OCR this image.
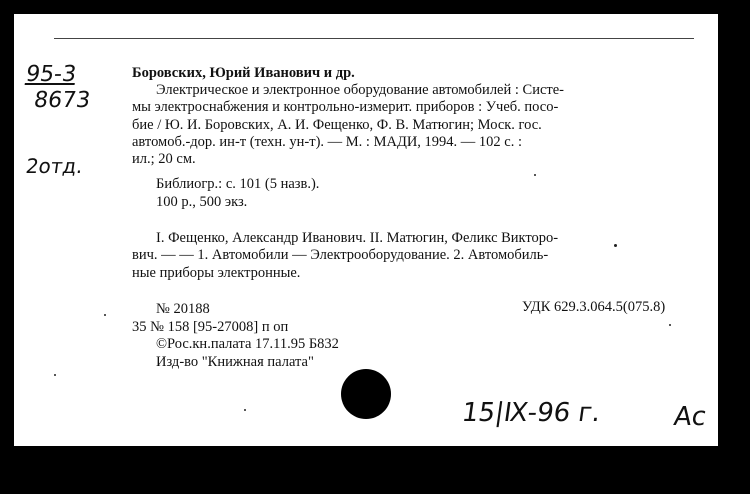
95-3
8673
2отд.
Боровских, Юрий Иванович и др.
Электрическое и электронное оборудование автомобилей : Систе-
мы электроснабжения и контрольно-измерит. приборов : Учеб. посо-
бие / Ю. И. Боровских, А. И. Фещенко, Ф. В. Матюгин; Моск. гос.
автомоб.-дор. ин-т (техн. ун-т). — М. : МАДИ, 1994. — 102 с. :
ил.; 20 см.
Библиогр.: с. 101 (5 назв.).
100 р., 500 экз.
I. Фещенко, Александр Иванович. II. Матюгин, Феликс Викторо-
вич. — — 1. Автомобили — Электрооборудование. 2. Автомобиль-
ные приборы электронные.
№ 20188	УДК 629.3.064.5(075.8)
35 № 158 [95-27008] п оп
©Рос.кн.палата 17.11.95 Б832
Изд-во "Книжная палата"
15|Ⅸ-96 г.	Ас
